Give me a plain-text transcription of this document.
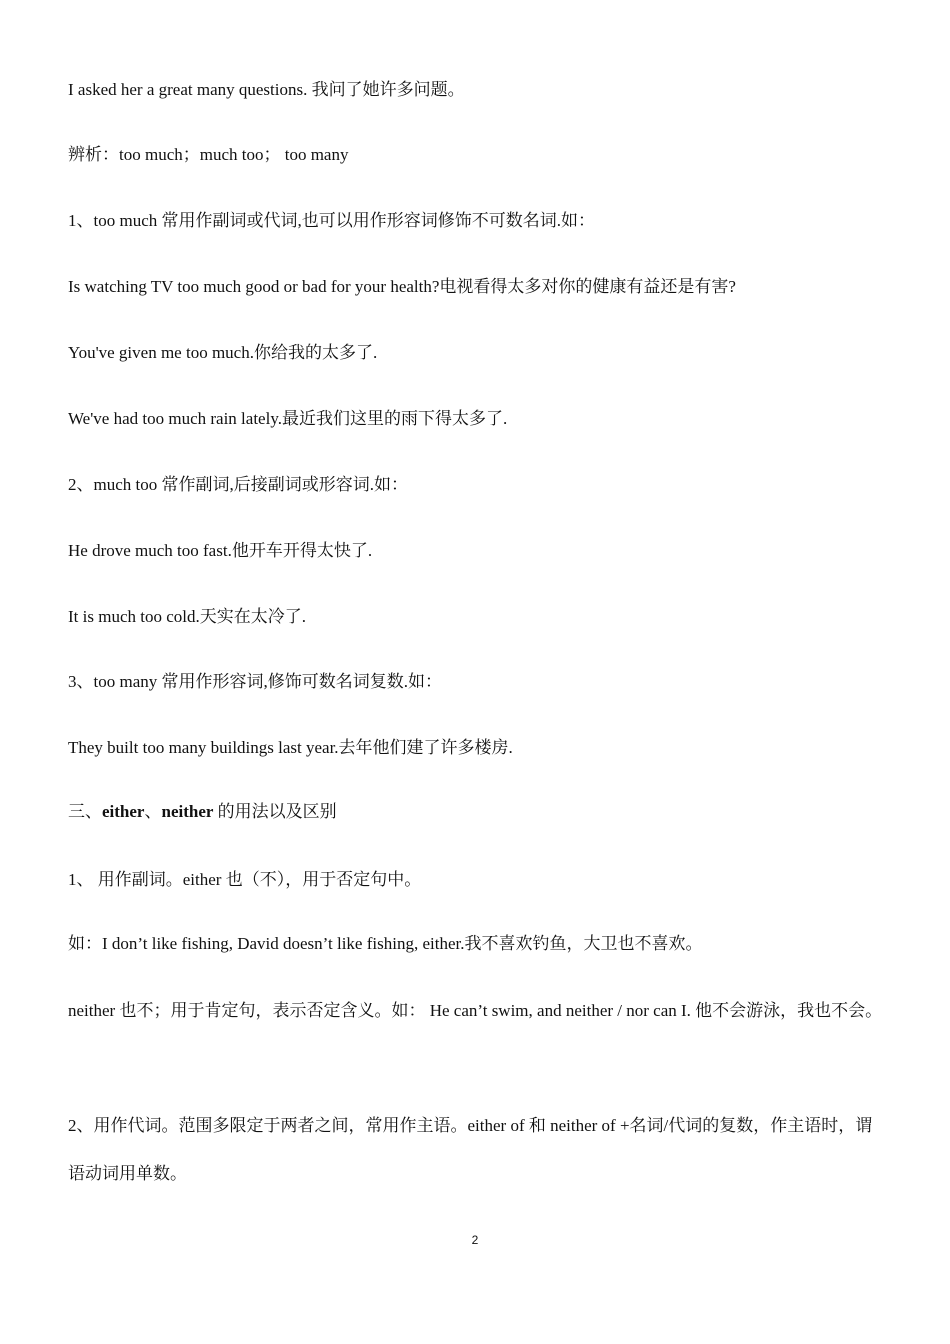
I asked her a great many questions. 我问了她许多问题。
辨析：too much；much too； too many
1、too much 常用作副词或代词,也可以用作形容词修饰不可数名词.如：
Is watching TV too much good or bad for your health?电视看得太多对你的健康有益还是有害?
You've given me too much.你给我的太多了.
We've had too much rain lately.最近我们这里的雨下得太多了.
2、much too 常作副词,后接副词或形容词.如：
He drove much too fast.他开车开得太快了.
It is much too cold.天实在太冷了.
3、too many 常用作形容词,修饰可数名词复数.如：
They built too many buildings last year.去年他们建了许多楼房.
三、either、neither 的用法以及区别
1、 用作副词。either 也（不），用于否定句中。
如：I don’t like fishing, David doesn’t like fishing, either.我不喜欢钓鱼，大卫也不喜欢。
neither 也不；用于肯定句，表示否定含义。如： He can’t swim, and neither / nor can I. 他不会游泳，我也不会。
2、用作代词。范围多限定于两者之间，常用作主语。either of 和 neither of +名词/代词的复数，作主语时，谓语动词用单数。
2
